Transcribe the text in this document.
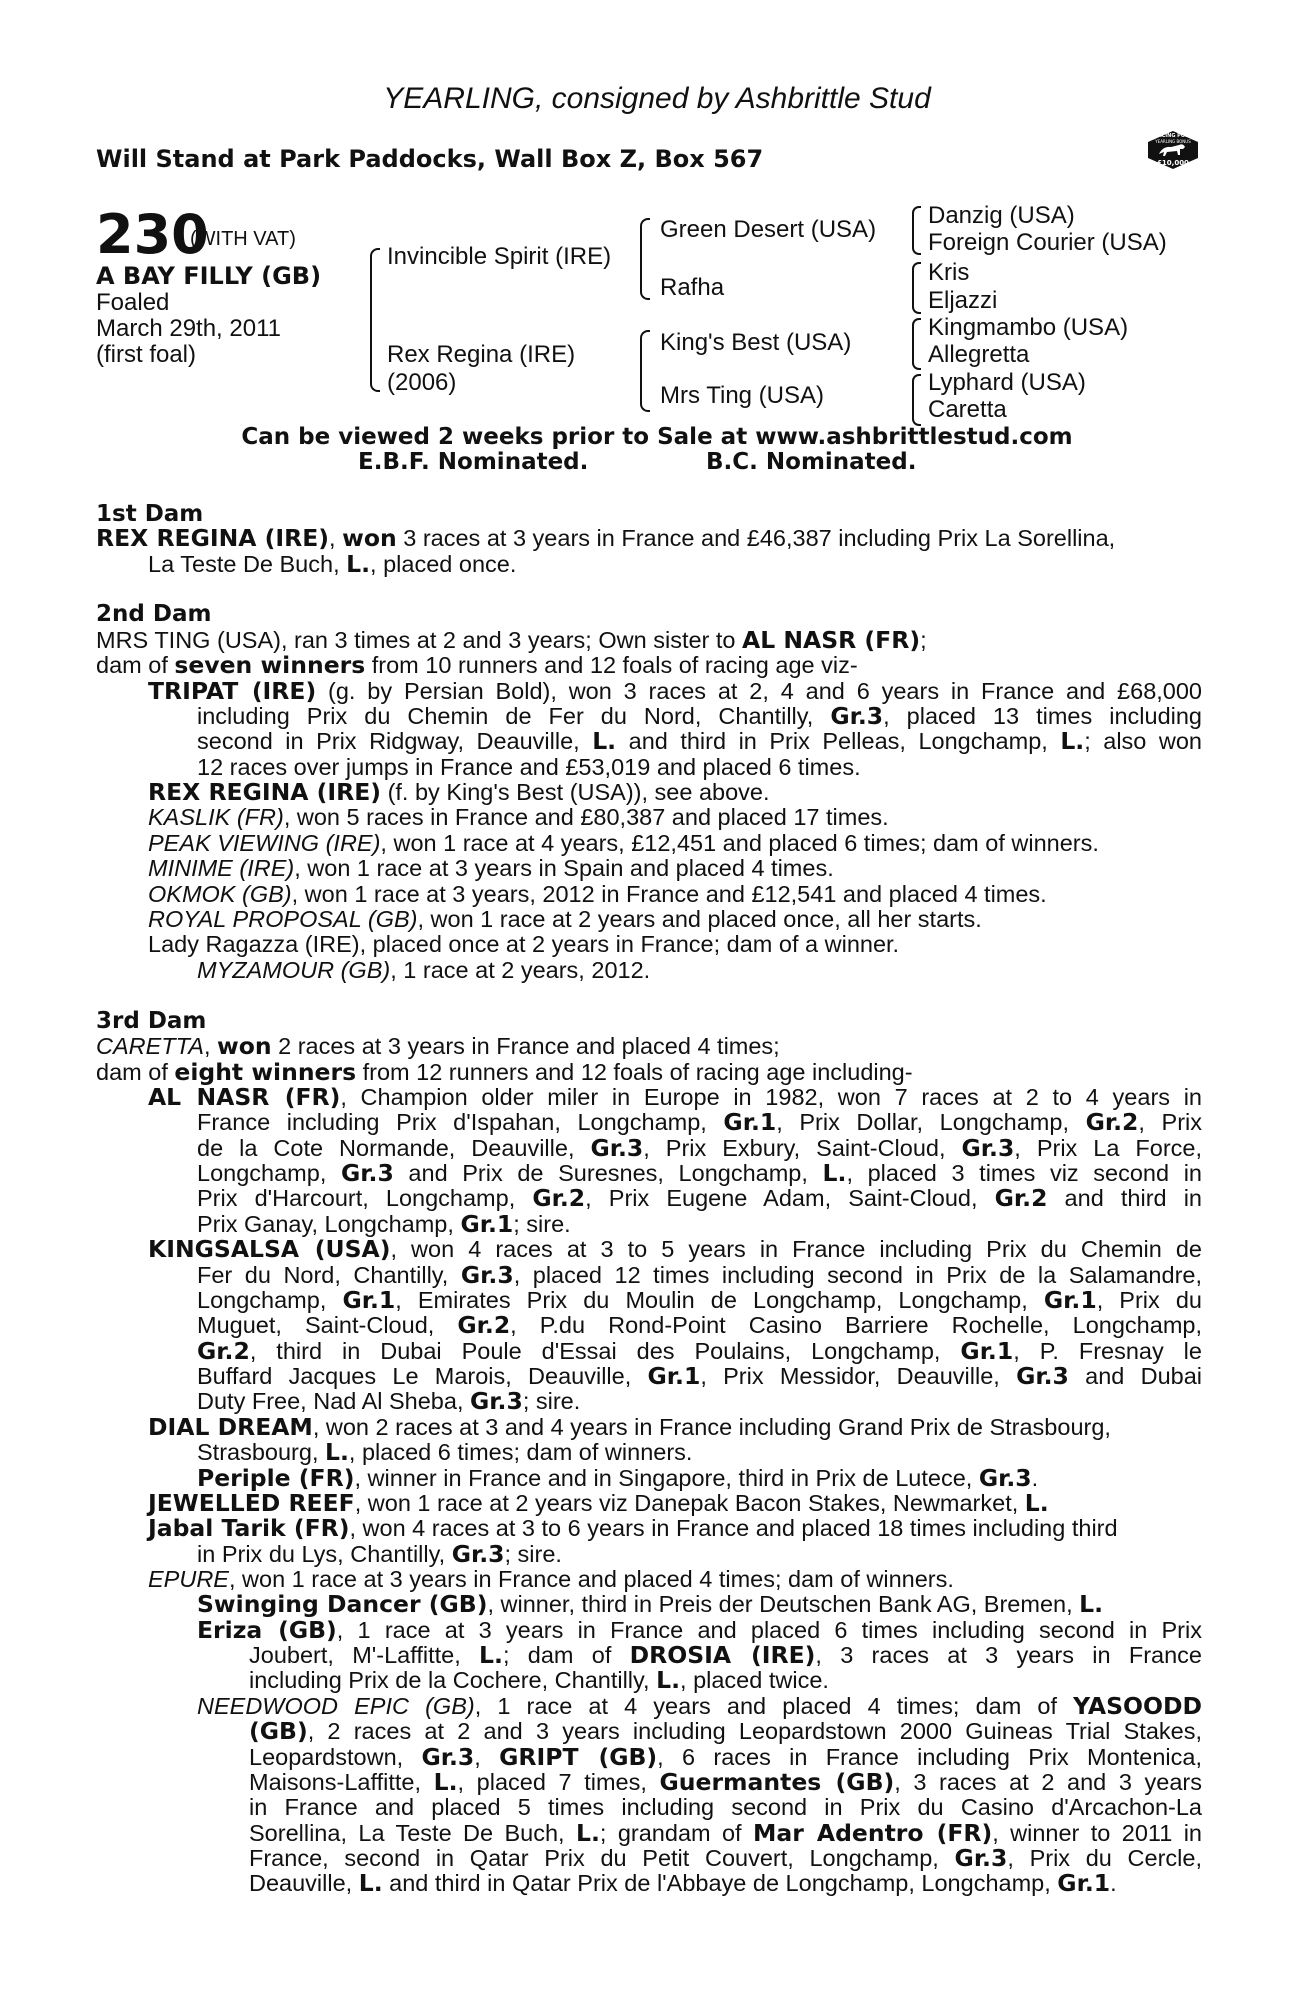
YEARLING, consigned by Ashbrittle Stud
Will Stand at Park Paddocks, Wall Box Z, Box 567
RACING POST
YEARLING BONUS
£10,000
230
(WITH VAT)
A BAY FILLY (GB)
Foaled
March 29th, 2011
(first foal)
Invincible Spirit (IRE)
Rex Regina (IRE)
(2006)
Green Desert (USA)
Rafha
King's Best (USA)
Mrs Ting (USA)
Danzig (USA)
Foreign Courier (USA)
Kris
Eljazzi
Kingmambo (USA)
Allegretta
Lyphard (USA)
Caretta
Can be viewed 2 weeks prior to Sale at www.ashbrittlestud.com
E.B.F. Nominated.	B.C. Nominated.
1st Dam
REX REGINA (IRE), won 3 races at 3 years in France and £46,387 including Prix La Sorellina,
La Teste De Buch, L., placed once.
2nd Dam
MRS TING (USA), ran 3 times at 2 and 3 years; Own sister to AL NASR (FR);
dam of seven winners from 10 runners and 12 foals of racing age viz-
TRIPAT (IRE) (g. by Persian Bold), won 3 races at 2, 4 and 6 years in France and £68,000
including Prix du Chemin de Fer du Nord, Chantilly, Gr.3, placed 13 times including
second in Prix Ridgway, Deauville, L. and third in Prix Pelleas, Longchamp, L.; also won
12 races over jumps in France and £53,019 and placed 6 times.
REX REGINA (IRE) (f. by King's Best (USA)), see above.
KASLIK (FR), won 5 races in France and £80,387 and placed 17 times.
PEAK VIEWING (IRE), won 1 race at 4 years, £12,451 and placed 6 times; dam of winners.
MINIME (IRE), won 1 race at 3 years in Spain and placed 4 times.
OKMOK (GB), won 1 race at 3 years, 2012 in France and £12,541 and placed 4 times.
ROYAL PROPOSAL (GB), won 1 race at 2 years and placed once, all her starts.
Lady Ragazza (IRE), placed once at 2 years in France; dam of a winner.
MYZAMOUR (GB), 1 race at 2 years, 2012.
3rd Dam
CARETTA, won 2 races at 3 years in France and placed 4 times;
dam of eight winners from 12 runners and 12 foals of racing age including-
AL NASR (FR), Champion older miler in Europe in 1982, won 7 races at 2 to 4 years in
France including Prix d'Ispahan, Longchamp, Gr.1, Prix Dollar, Longchamp, Gr.2, Prix
de la Cote Normande, Deauville, Gr.3, Prix Exbury, Saint-Cloud, Gr.3, Prix La Force,
Longchamp, Gr.3 and Prix de Suresnes, Longchamp, L., placed 3 times viz second in
Prix d'Harcourt, Longchamp, Gr.2, Prix Eugene Adam, Saint-Cloud, Gr.2 and third in
Prix Ganay, Longchamp, Gr.1; sire.
KINGSALSA (USA), won 4 races at 3 to 5 years in France including Prix du Chemin de
Fer du Nord, Chantilly, Gr.3, placed 12 times including second in Prix de la Salamandre,
Longchamp, Gr.1, Emirates Prix du Moulin de Longchamp, Longchamp, Gr.1, Prix du
Muguet, Saint-Cloud, Gr.2, P.du Rond-Point Casino Barriere Rochelle, Longchamp,
Gr.2, third in Dubai Poule d'Essai des Poulains, Longchamp, Gr.1, P. Fresnay le
Buffard Jacques Le Marois, Deauville, Gr.1, Prix Messidor, Deauville, Gr.3 and Dubai
Duty Free, Nad Al Sheba, Gr.3; sire.
DIAL DREAM, won 2 races at 3 and 4 years in France including Grand Prix de Strasbourg,
Strasbourg, L., placed 6 times; dam of winners.
Periple (FR), winner in France and in Singapore, third in Prix de Lutece, Gr.3.
JEWELLED REEF, won 1 race at 2 years viz Danepak Bacon Stakes, Newmarket, L.
Jabal Tarik (FR), won 4 races at 3 to 6 years in France and placed 18 times including third
in Prix du Lys, Chantilly, Gr.3; sire.
EPURE, won 1 race at 3 years in France and placed 4 times; dam of winners.
Swinging Dancer (GB), winner, third in Preis der Deutschen Bank AG, Bremen, L.
Eriza (GB), 1 race at 3 years in France and placed 6 times including second in Prix
Joubert, M'-Laffitte, L.; dam of DROSIA (IRE), 3 races at 3 years in France
including Prix de la Cochere, Chantilly, L., placed twice.
NEEDWOOD EPIC (GB), 1 race at 4 years and placed 4 times; dam of YASOODD
(GB), 2 races at 2 and 3 years including Leopardstown 2000 Guineas Trial Stakes,
Leopardstown, Gr.3, GRIPT (GB), 6 races in France including Prix Montenica,
Maisons-Laffitte, L., placed 7 times, Guermantes (GB), 3 races at 2 and 3 years
in France and placed 5 times including second in Prix du Casino d'Arcachon-La
Sorellina, La Teste De Buch, L.; grandam of Mar Adentro (FR), winner to 2011 in
France, second in Qatar Prix du Petit Couvert, Longchamp, Gr.3, Prix du Cercle,
Deauville, L. and third in Qatar Prix de l'Abbaye de Longchamp, Longchamp, Gr.1.
